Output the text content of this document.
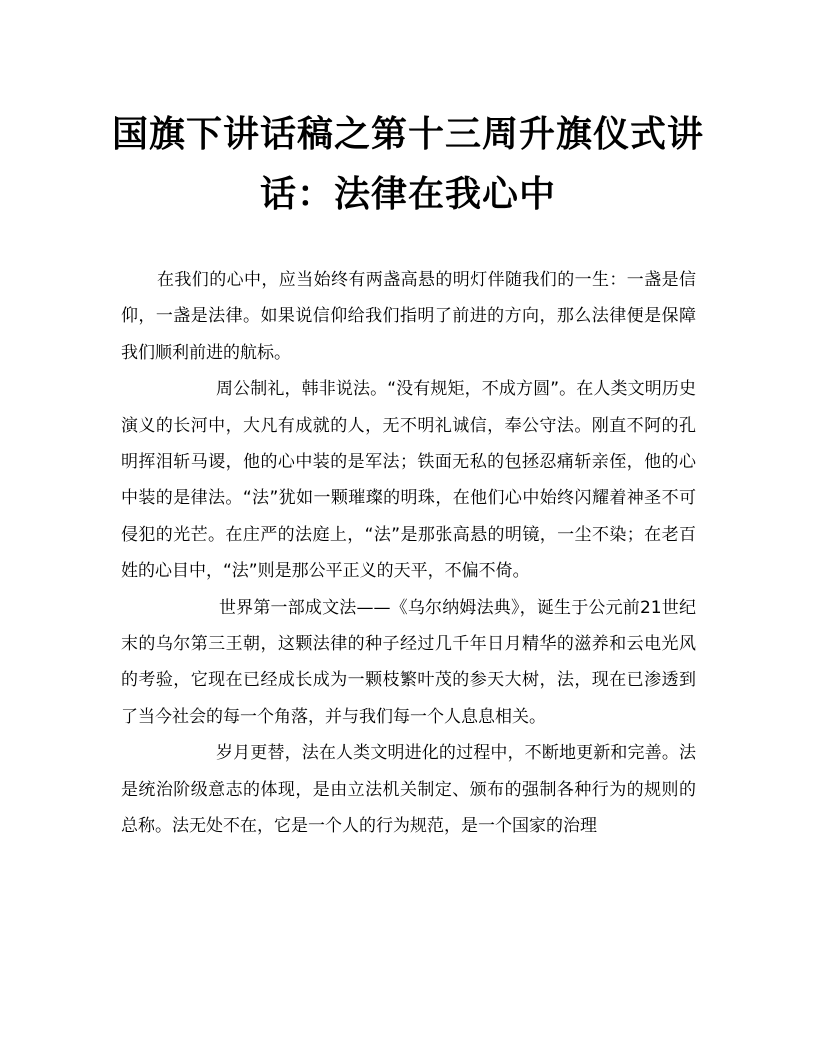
国旗下讲话稿之第十三周升旗仪式讲
话：法律在我心中

在我们的心中，应当始终有两盏高悬的明灯伴随我们的一生：一盏是信仰，一盏是法律。如果说信仰给我们指明了前进的方向，那么法律便是保障我们顺利前进的航标。

周公制礼，韩非说法。“没有规矩，不成方圆”。在人类文明历史演义的长河中，大凡有成就的人，无不明礼诚信，奉公守法。刚直不阿的孔明挥泪斩马谡，他的心中装的是军法；铁面无私的包拯忍痛斩亲侄，他的心中装的是律法。“法”犹如一颗璀璨的明珠，在他们心中始终闪耀着神圣不可侵犯的光芒。在庄严的法庭上，“法”是那张高悬的明镜，一尘不染；在老百姓的心目中，“法”则是那公平正义的天平，不偏不倚。

世界第一部成文法——《乌尔纳姆法典》，诞生于公元前21世纪末的乌尔第三王朝，这颗法律的种子经过几千年日月精华的滋养和云电光风的考验，它现在已经成长成为一颗枝繁叶茂的参天大树，法，现在已渗透到了当今社会的每一个角落，并与我们每一个人息息相关。

岁月更替，法在人类文明进化的过程中，不断地更新和完善。法是统治阶级意志的体现，是由立法机关制定、颁布的强制各种行为的规则的总称。法无处不在，它是一个人的行为规范，是一个国家的治理
